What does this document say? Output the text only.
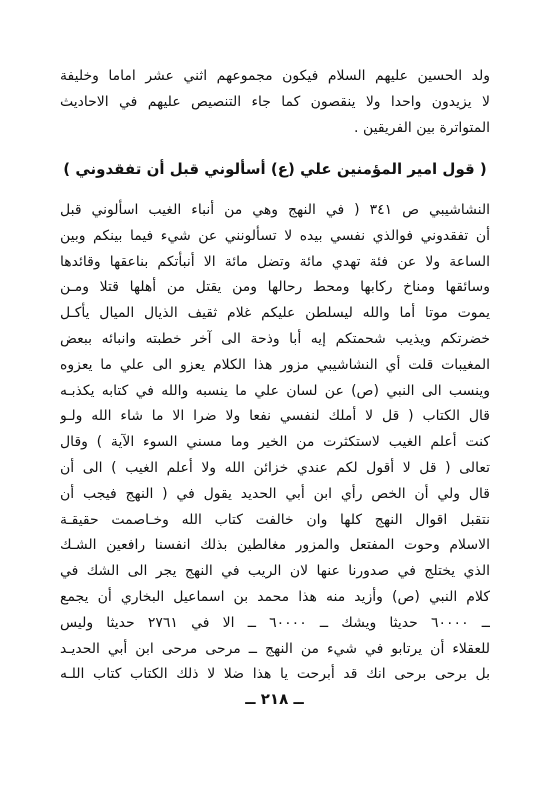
ولد الحسين عليهم السلام فيكون مجموعهم اثني عشر اماما وخليفة
لا يزيدون واحدا ولا ينقصون كما جاء التنصيص عليهم في الاحاديث
المتواترة بين الفريقين .
( قول امير المؤمنين علي (ع) أسألوني قبل أن تفقدوني )
النشاشيبي ص ٣٤١ ( في النهج وهي من أنباء الغيب اسألوني قبل
أن تفقدوني فوالذي نفسي بيده لا تسألونني عن شيء فيما بينكم وبين
الساعة ولا عن فئة تهدي مائة وتضل مائة الا أنبأتكم بناعقها وقائدها
وسائقها ومناخ ركابها ومحط رحالها ومن يقتل من أهلها قتلا ومـن
يموت موتا أما والله ليسلطن عليكم غلام ثقيف الذيال الميال يأكـل
خضرتكم ويذيب شحمتكم إيه أبا وذحة الى آخر خطبته وانبائه ببعض
المغيبات قلت أي النشاشيبي مزور هذا الكلام يعزو الى علي ما يعزوه
وينسب الى النبي (ص) عن لسان علي ما ينسبه والله في كتابه يكذبـه
قال الكتاب ( قل لا أملك لنفسي نفعا ولا ضرا الا ما شاء الله ولـو
كنت أعلم الغيب لاستكثرت من الخير وما مسني السوء الآية ) وقال
تعالى ( قل لا أقول لكم عندي خزائن الله ولا أعلم الغيب ) الى أن
قال ولي أن الخص رأي ابن أبي الحديد يقول في ( النهج فيجب أن
نتقبل اقوال النهج كلها وان خالفت كتاب الله وخـاصمت حقيقـة
الاسلام وحوت المفتعل والمزور مغالطين بذلك انفسنا رافعين الشـك
الذي يختلج في صدورنا عنها لان الريب في النهج يجر الى الشك في
كلام النبي (ص) وأزيد منه هذا محمد بن اسماعيل البخاري أن يجمع
ــ ٦٠٠٠٠ حديثا ويشك ــ ٦٠٠٠٠ ــ الا في ٢٧٦١ حديثا وليس
للعقلاء أن يرتابو في شيء من النهج ــ مرحى مرحى ابن أبي الحديـد
بل برحى برحى انك قد أبرحت يا هذا ضلا لا ذلك الكتاب كتاب اللـه
ــ ٢١٨ ــ
